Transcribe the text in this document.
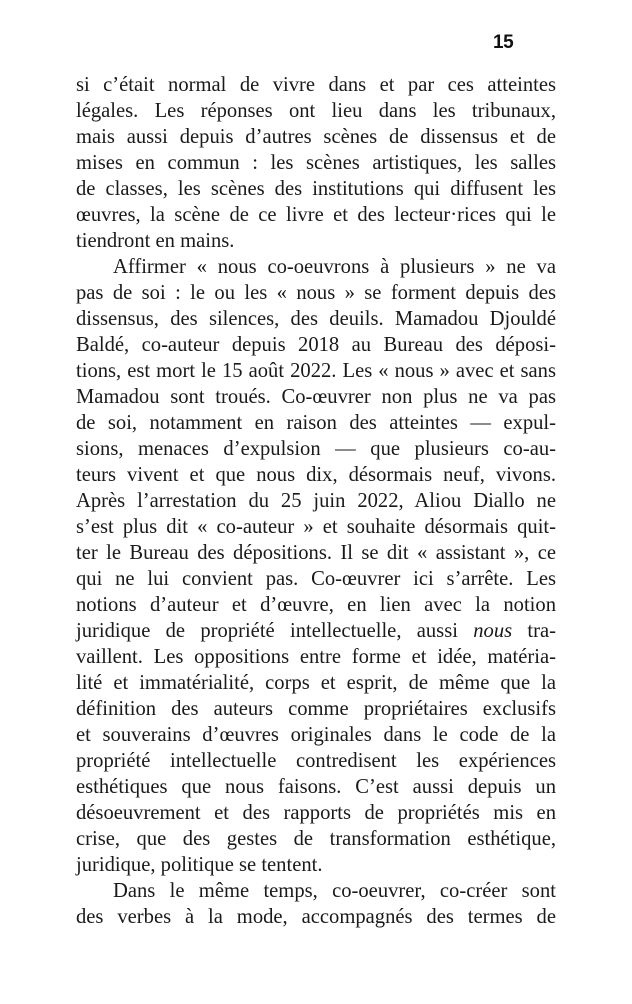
15
si c’était normal de vivre dans et par ces atteintes
légales. Les réponses ont lieu dans les tribunaux,
mais aussi depuis d’autres scènes de dissensus et de
mises en commun : les scènes artistiques, les salles
de classes, les scènes des institutions qui diffusent les
œuvres, la scène de ce livre et des lecteur·rices qui le
tiendront en mains.
Affirmer « nous co-oeuvrons à plusieurs » ne va
pas de soi : le ou les « nous » se forment depuis des
dissensus, des silences, des deuils. Mamadou Djouldé
Baldé, co-auteur depuis 2018 au Bureau des déposi-
tions, est mort le 15 août 2022. Les « nous » avec et sans
Mamadou sont troués. Co-œuvrer non plus ne va pas
de soi, notamment en raison des atteintes — expul-
sions, menaces d’expulsion — que plusieurs co-au-
teurs vivent et que nous dix, désormais neuf, vivons.
Après l’arrestation du 25 juin 2022, Aliou Diallo ne
s’est plus dit « co-auteur » et souhaite désormais quit-
ter le Bureau des dépositions. Il se dit « assistant », ce
qui ne lui convient pas. Co-œuvrer ici s’arrête. Les
notions d’auteur et d’œuvre, en lien avec la notion
juridique de propriété intellectuelle, aussi nous tra-
vaillent. Les oppositions entre forme et idée, matéria-
lité et immatérialité, corps et esprit, de même que la
définition des auteurs comme propriétaires exclusifs
et souverains d’œuvres originales dans le code de la
propriété intellectuelle contredisent les expériences
esthétiques que nous faisons. C’est aussi depuis un
désoeuvrement et des rapports de propriétés mis en
crise, que des gestes de transformation esthétique,
juridique, politique se tentent.
Dans le même temps, co-oeuvrer, co-créer sont
des verbes à la mode, accompagnés des termes de
